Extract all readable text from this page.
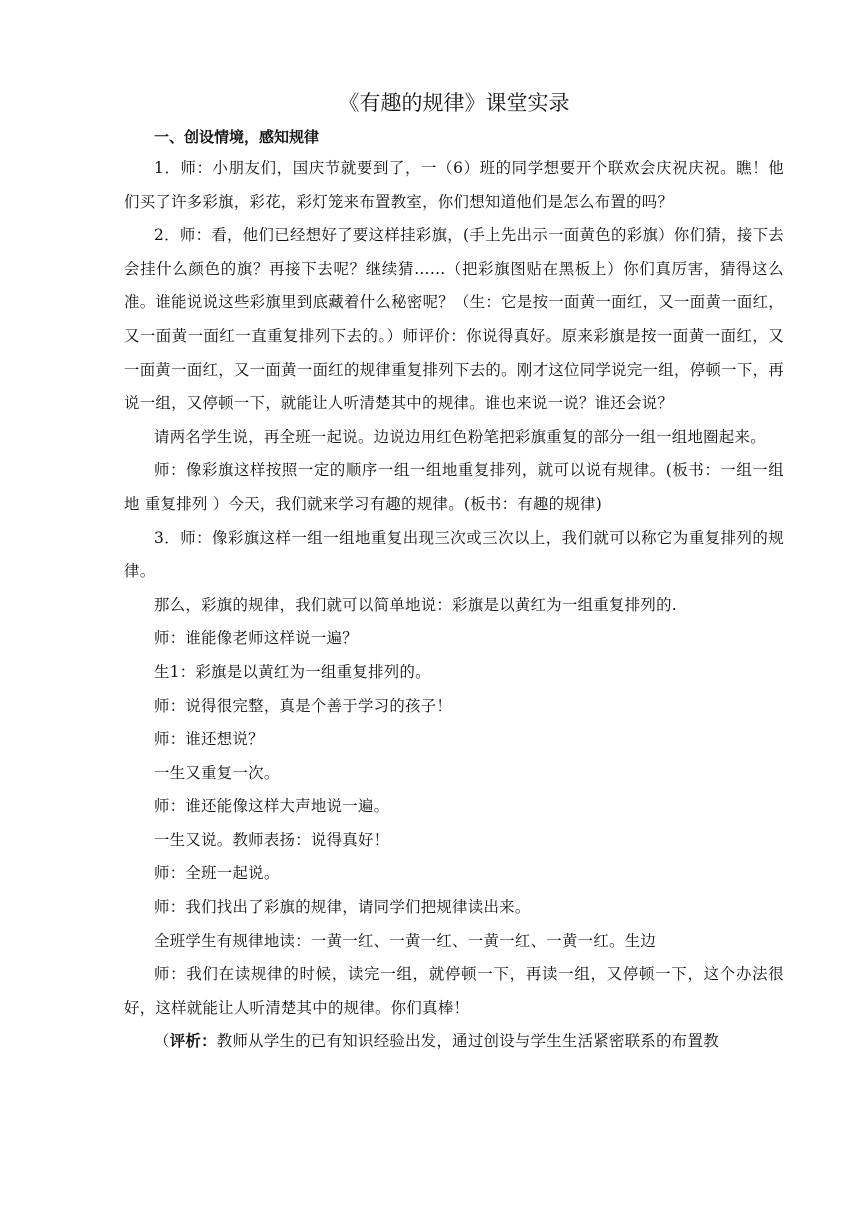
《有趣的规律》课堂实录
一、创设情境，感知规律

1．师：小朋友们，国庆节就要到了，一（6）班的同学想要开个联欢会庆祝庆祝。瞧！他们买了许多彩旗，彩花，彩灯笼来布置教室，你们想知道他们是怎么布置的吗？

2．师：看，他们已经想好了要这样挂彩旗，(手上先出示一面黄色的彩旗）你们猜，接下去会挂什么颜色的旗？再接下去呢？继续猜……（把彩旗图贴在黑板上）你们真厉害，猜得这么准。谁能说说这些彩旗里到底藏着什么秘密呢？（生：它是按一面黄一面红，又一面黄一面红，又一面黄一面红一直重复排列下去的。）师评价：你说得真好。原来彩旗是按一面黄一面红，又一面黄一面红，又一面黄一面红的规律重复排列下去的。刚才这位同学说完一组，停顿一下，再说一组，又停顿一下，就能让人听清楚其中的规律。谁也来说一说？谁还会说？

请两名学生说，再全班一起说。边说边用红色粉笔把彩旗重复的部分一组一组地圈起来。

师：像彩旗这样按照一定的顺序一组一组地重复排列，就可以说有规律。(板书：一组一组地 重复排列 ）今天，我们就来学习有趣的规律。(板书：有趣的规律)

3．师：像彩旗这样一组一组地重复出现三次或三次以上，我们就可以称它为重复排列的规律。

那么，彩旗的规律，我们就可以简单地说：彩旗是以黄红为一组重复排列的.

师：谁能像老师这样说一遍？

生1：彩旗是以黄红为一组重复排列的。

师：说得很完整，真是个善于学习的孩子！

师：谁还想说？

一生又重复一次。

师：谁还能像这样大声地说一遍。

一生又说。教师表扬：说得真好！

师：全班一起说。

师：我们找出了彩旗的规律，请同学们把规律读出来。

全班学生有规律地读：一黄一红、一黄一红、一黄一红、一黄一红。生边

师：我们在读规律的时候，读完一组，就停顿一下，再读一组，又停顿一下，这个办法很好，这样就能让人听清楚其中的规律。你们真棒！

（评析：教师从学生的已有知识经验出发，通过创设与学生生活紧密联系的布置教
